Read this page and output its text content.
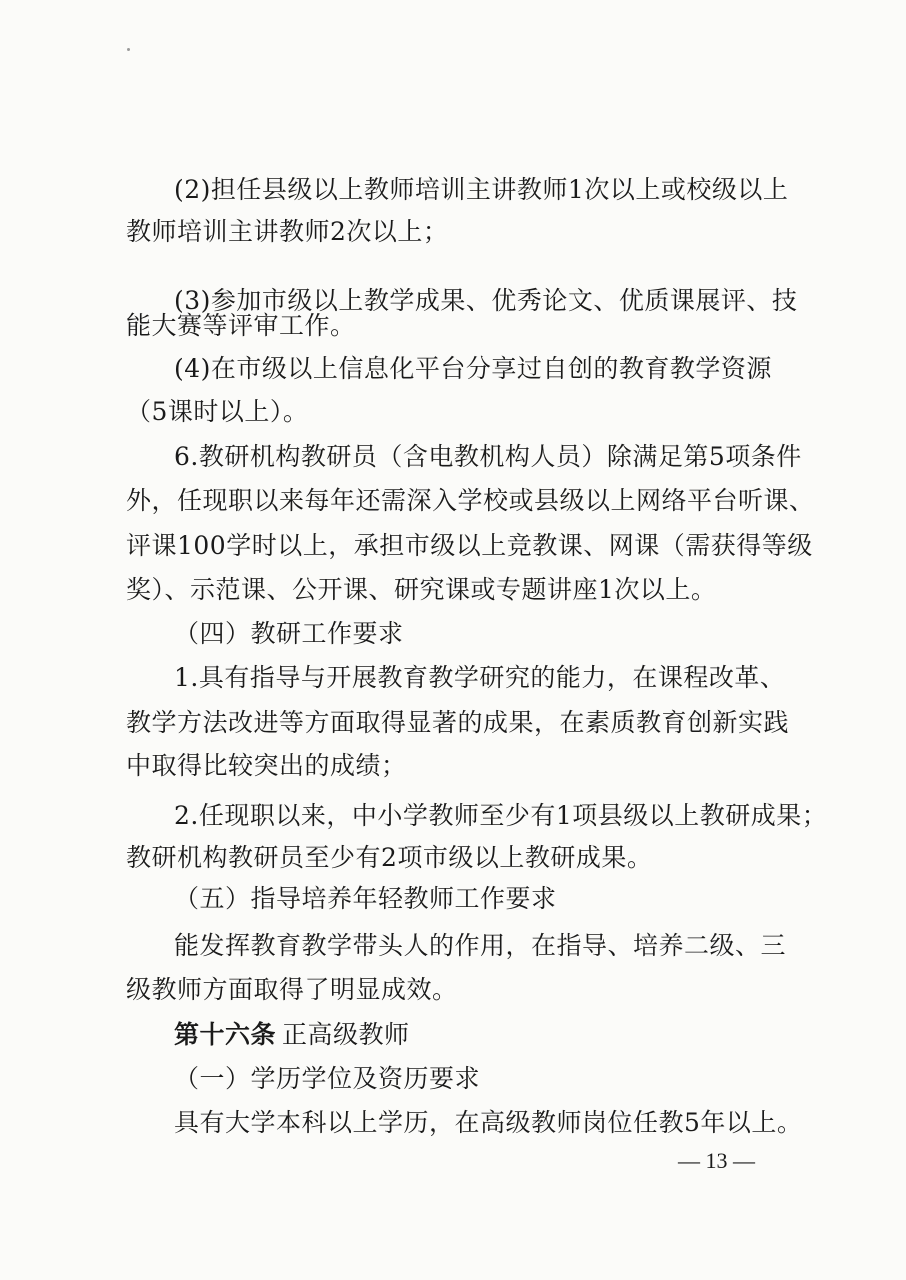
(2)担任县级以上教师培训主讲教师1次以上或校级以上
教师培训主讲教师2次以上；
(3)参加市级以上教学成果、优秀论文、优质课展评、技
能大赛等评审工作。
(4)在市级以上信息化平台分享过自创的教育教学资源
（5课时以上）。
6.教研机构教研员（含电教机构人员）除满足第5项条件
外，任现职以来每年还需深入学校或县级以上网络平台听课、
评课100学时以上，承担市级以上竞教课、网课（需获得等级
奖）、示范课、公开课、研究课或专题讲座1次以上。
（四）教研工作要求
1.具有指导与开展教育教学研究的能力，在课程改革、
教学方法改进等方面取得显著的成果，在素质教育创新实践
中取得比较突出的成绩；
2.任现职以来，中小学教师至少有1项县级以上教研成果；
教研机构教研员至少有2项市级以上教研成果。
（五）指导培养年轻教师工作要求
能发挥教育教学带头人的作用，在指导、培养二级、三
级教师方面取得了明显成效。
第十六条 正高级教师
（一）学历学位及资历要求
具有大学本科以上学历，在高级教师岗位任教5年以上。
— 13 —
